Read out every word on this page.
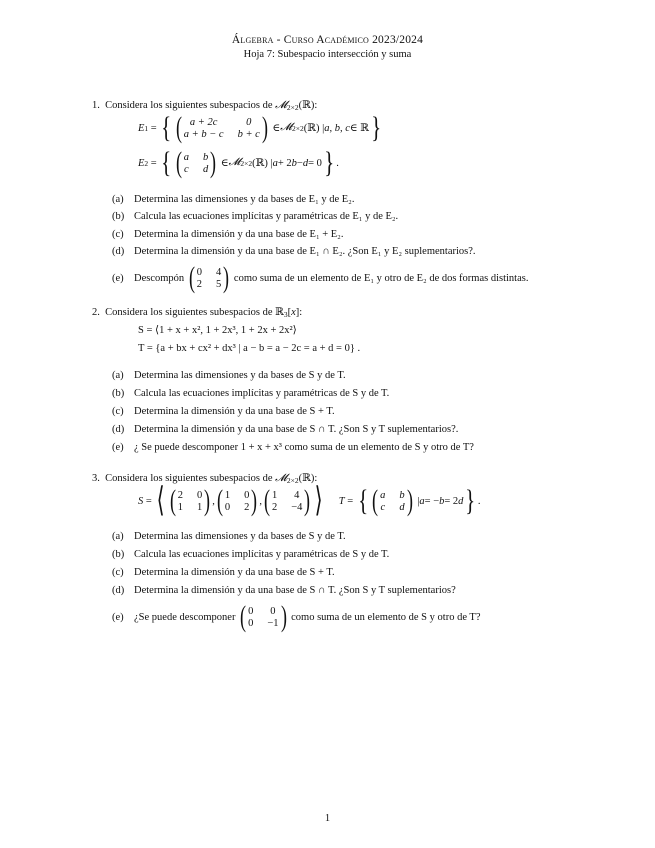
Álgebra - Curso Académico 2023/2024
Hoja 7: Subespacio intersección y suma
1. Considera los siguientes subespacios de 𝓜$_{2\times 2}$(ℝ):
E 1 = { ( a + 2c	0
a + b − c b + c ) ∈ 𝓜 2×2 (ℝ) | a, b, c ∈ ℝ }
E 2 = { ( a b
c d ) ∈ 𝓜 2×2 (ℝ) | a + 2 b − d = 0 } .
(a) Determina las dimensiones y da bases de E₁ y de E₂.
(b) Calcula las ecuaciones implícitas y paramétricas de E₁ y de E₂.
(c) Determina la dimensión y da una base de E₁ + E₂.
(d) Determina la dimensión y da una base de E₁ ∩ E₂. ¿Son E₁ y E₂ suplementarios?.
(e) Descompón
( 0 4
2 5 )
como suma de un elemento de E₁ y otro de E₂ de dos formas distintas.
2. Considera los siguientes subespacios de ℝ$_3$[x]:
S = ⟨1 + x + x², 1 + 2x³, 1 + 2x + 2x²⟩
T = {a + bx + cx² + dx³ | a − b = a − 2c = a + d = 0} .
(a) Determina las dimensiones y da bases de S y de T.
(b) Calcula las ecuaciones implícitas y paramétricas de S y de T.
(c) Determina la dimensión y da una base de S + T.
(d) Determina la dimensión y da una base de S ∩ T. ¿Son S y T suplementarios?.
(e) ¿ Se puede descomponer 1 + x + x³ como suma de un elemento de S y otro de T?
3. Considera los siguientes subespacios de 𝓜$_{2\times 2}$(ℝ):
S = ⟨ ( 2 0
1 1 ) , ( 1 0
0 2 ) , ( 1 4
2 −4 ) ⟩
T = { ( a b
c d ) | a = − b = 2 d } .
(a) Determina las dimensiones y da bases de S y de T.
(b) Calcula las ecuaciones implícitas y paramétricas de S y de T.
(c) Determina la dimensión y da una base de S + T.
(d) Determina la dimensión y da una base de S ∩ T. ¿Son S y T suplementarios?
(e) ¿Se puede descomponer
( 0 0
0 −1 )
como suma de un elemento de S y otro de T?
1
